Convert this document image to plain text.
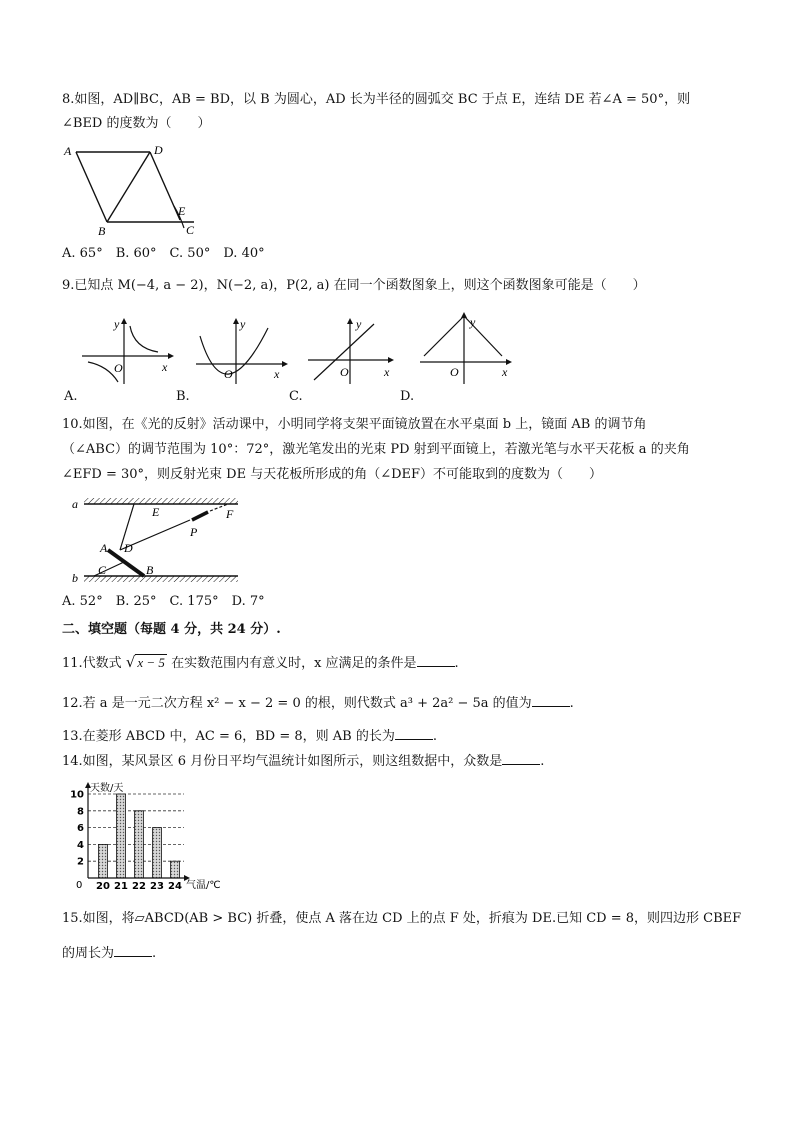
8.如图，AD∥BC，AB = BD，以 B 为圆心，AD 长为半径的圆弧交 BC 于点 E，连结 DE 若∠A = 50°，则
∠BED 的度数为（　　）
A	D
B
E
C
A. 65°　B. 60°　C. 50°　D. 40°
9.已知点 M(−4, a − 2)，N(−2, a)，P(2, a) 在同一个函数图象上，则这个函数图象可能是（　　）
y
x
O
A.
y
x
O
B.
y
x
O
C.
y
x
O
D.
10.如图，在《光的反射》活动课中，小明同学将支架平面镜放置在水平桌面 b 上，镜面 AB 的调节角
（∠ABC）的调节范围为 10°：72°，激光笔发出的光束 PD 射到平面镜上，若激光笔与水平天花板 a 的夹角
∠EFD = 30°，则反射光束 DE 与天花板所形成的角（∠DEF）不可能取到的度数为（　　）
a
b
E	F
P
A D
C	B
A. 52°　B. 25°　C. 175°　D. 7°
二、填空题（每题 4 分，共 24 分）.
11.代数式 √ x − 5 在实数范围内有意义时，x 应满足的条件是	.
12.若 a 是一元二次方程 x² − x − 2 = 0 的根，则代数式 a³ + 2a² − 5a 的值为	.
13.在菱形 ABCD 中，AC = 6，BD = 8，则 AB 的长为	.
14.如图，某风景区 6 月份日平均气温统计如图所示，则这组数据中，众数是	.
2
4
6
8
10
20 21 22 23 24
天数/天
气温/℃
0
15.如图，将▱ABCD(AB > BC) 折叠，使点 A 落在边 CD 上的点 F 处，折痕为 DE.已知 CD = 8，则四边形 CBEF
的周长为	.
